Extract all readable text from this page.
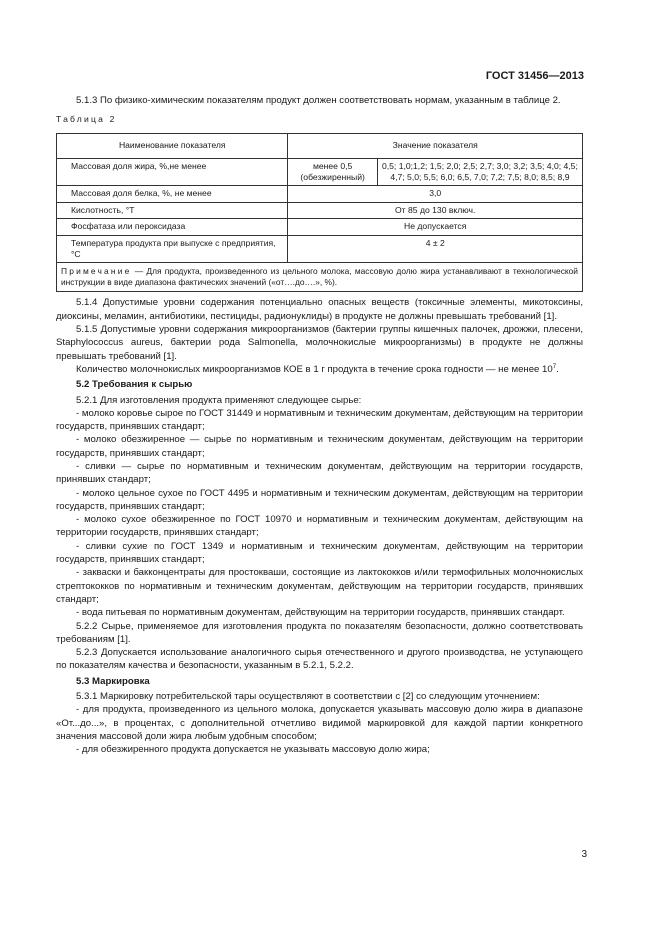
ГОСТ 31456—2013

5.1.3 По физико-химическим показателям продукт должен соответствовать нормам, указанным в таблице 2.

Таблица 2

Наименование показателя	Значение показателя	
Массовая доля жира, %,не менее	менее 0,5 (обезжиренный)	0,5; 1,0;1,2; 1,5; 2,0; 2,5; 2,7; 3,0; 3,2; 3,5; 4,0; 4,5; 4,7; 5,0; 5,5; 6,0; 6,5, 7,0; 7,2; 7,5; 8,0; 8,5; 8,9
Массовая доля белка, %, не менее	3,0	
Кислотность, °Т	От 85 до 130 включ.	
Фосфатаза или пероксидаза	Не допускается	
Температура продукта при выпуске с предприятия, °С	4 ± 2	
Примечание — Для продукта, произведенного из цельного молока, массовую долю жира устанавливают в технологической инструкции в виде диапазона фактических значений («от….до….», %).		

5.1.4 Допустимые уровни содержания потенциально опасных веществ (токсичные элементы, микотоксины, диоксины, меламин, антибиотики, пестициды, радионуклиды) в продукте не должны превышать требований [1].

5.1.5 Допустимые уровни содержания микроорганизмов (бактерии группы кишечных палочек, дрожжи, плесени, Staphylococcus aureus, бактерии рода Salmonella, молочнокислые микроорганизмы) в продукте не должны превышать требований [1].

Количество молочнокислых микроорганизмов КОЕ в 1 г продукта в течение срока годности — не менее $10^7$.

5.2 Требования к сырью

5.2.1 Для изготовления продукта применяют следующее сырье:

- молоко коровье сырое по ГОСТ 31449 и нормативным и техническим документам, действующим на территории государств, принявших стандарт;

- молоко обезжиренное — сырье по нормативным и техническим документам, действующим на территории государств, принявших стандарт;

- сливки — сырье по нормативным и техническим документам, действующим на территории государств, принявших стандарт;

- молоко цельное сухое по ГОСТ 4495 и нормативным и техническим документам, действующим на территории государств, принявших стандарт;

- молоко сухое обезжиренное по ГОСТ 10970 и нормативным и техническим документам, действующим на территории государств, принявших стандарт;

- сливки сухие по ГОСТ 1349 и нормативным и техническим документам, действующим на территории государств, принявших стандарт;

- закваски и бакконцентраты для простокваши, состоящие из лактококков и/или термофильных молочнокислых стрептококков по нормативным и техническим документам, действующим на территории государств, принявших стандарт;

- вода питьевая по нормативным документам, действующим на территории государств, принявших стандарт.

5.2.2 Сырье, применяемое для изготовления продукта по показателям безопасности, должно соответствовать требованиям [1].

5.2.3 Допускается использование аналогичного сырья отечественного и другого производства, не уступающего по показателям качества и безопасности, указанным в 5.2.1, 5.2.2.

5.3 Маркировка

5.3.1 Маркировку потребительской тары осуществляют в соответствии с [2] со следующим уточнением:

- для продукта, произведенного из цельного молока, допускается указывать массовую долю жира в диапазоне «От...до...», в процентах, с дополнительной отчетливо видимой маркировкой для каждой партии конкретного значения массовой доли жира любым удобным способом;

- для обезжиренного продукта допускается не указывать массовую долю жира;

3
